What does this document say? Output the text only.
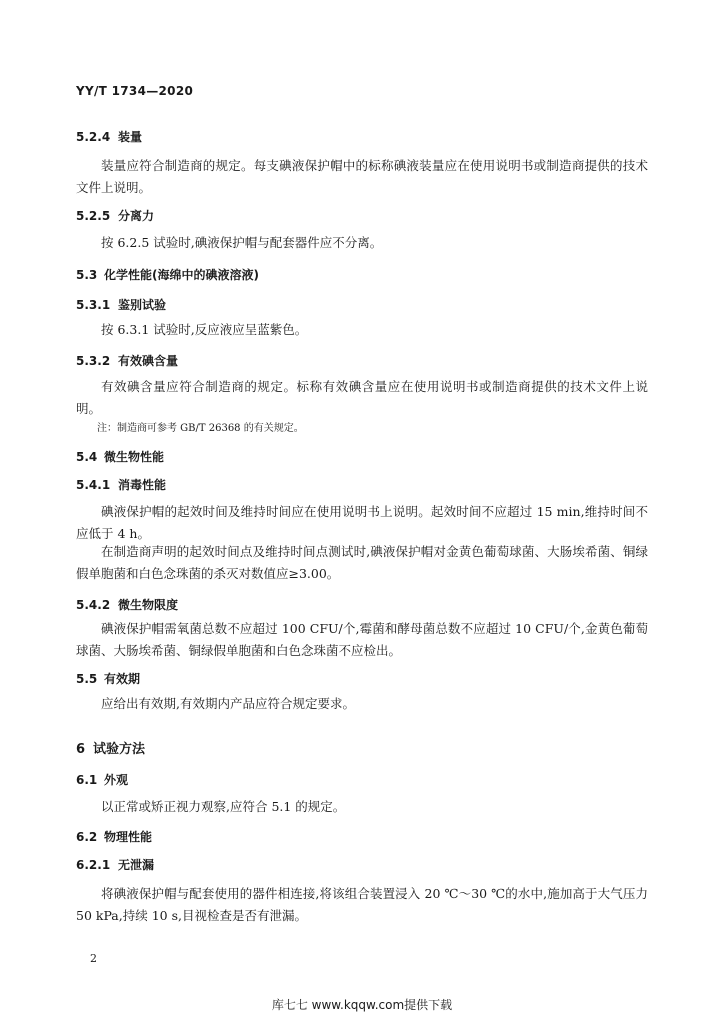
YY/T 1734—2020
5.2.4 装量
装量应符合制造商的规定。每支碘液保护帽中的标称碘液装量应在使用说明书或制造商提供的技术文件上说明。
5.2.5 分离力
按 6.2.5 试验时,碘液保护帽与配套器件应不分离。
5.3 化学性能(海绵中的碘液溶液)
5.3.1 鉴别试验
按 6.3.1 试验时,反应液应呈蓝紫色。
5.3.2 有效碘含量
有效碘含量应符合制造商的规定。标称有效碘含量应在使用说明书或制造商提供的技术文件上说明。
注：制造商可参考 GB/T 26368 的有关规定。
5.4 微生物性能
5.4.1 消毒性能
碘液保护帽的起效时间及维持时间应在使用说明书上说明。起效时间不应超过 15 min,维持时间不应低于 4 h。
在制造商声明的起效时间点及维持时间点测试时,碘液保护帽对金黄色葡萄球菌、大肠埃希菌、铜绿假单胞菌和白色念珠菌的杀灭对数值应≥3.00。
5.4.2 微生物限度
碘液保护帽需氧菌总数不应超过 100 CFU/个,霉菌和酵母菌总数不应超过 10 CFU/个,金黄色葡萄球菌、大肠埃希菌、铜绿假单胞菌和白色念珠菌不应检出。
5.5 有效期
应给出有效期,有效期内产品应符合规定要求。
6 试验方法
6.1 外观
以正常或矫正视力观察,应符合 5.1 的规定。
6.2 物理性能
6.2.1 无泄漏
将碘液保护帽与配套使用的器件相连接,将该组合装置浸入 20 ℃～30 ℃的水中,施加高于大气压力 50 kPa,持续 10 s,目视检查是否有泄漏。
2
库七七 www.kqqw.com提供下载
